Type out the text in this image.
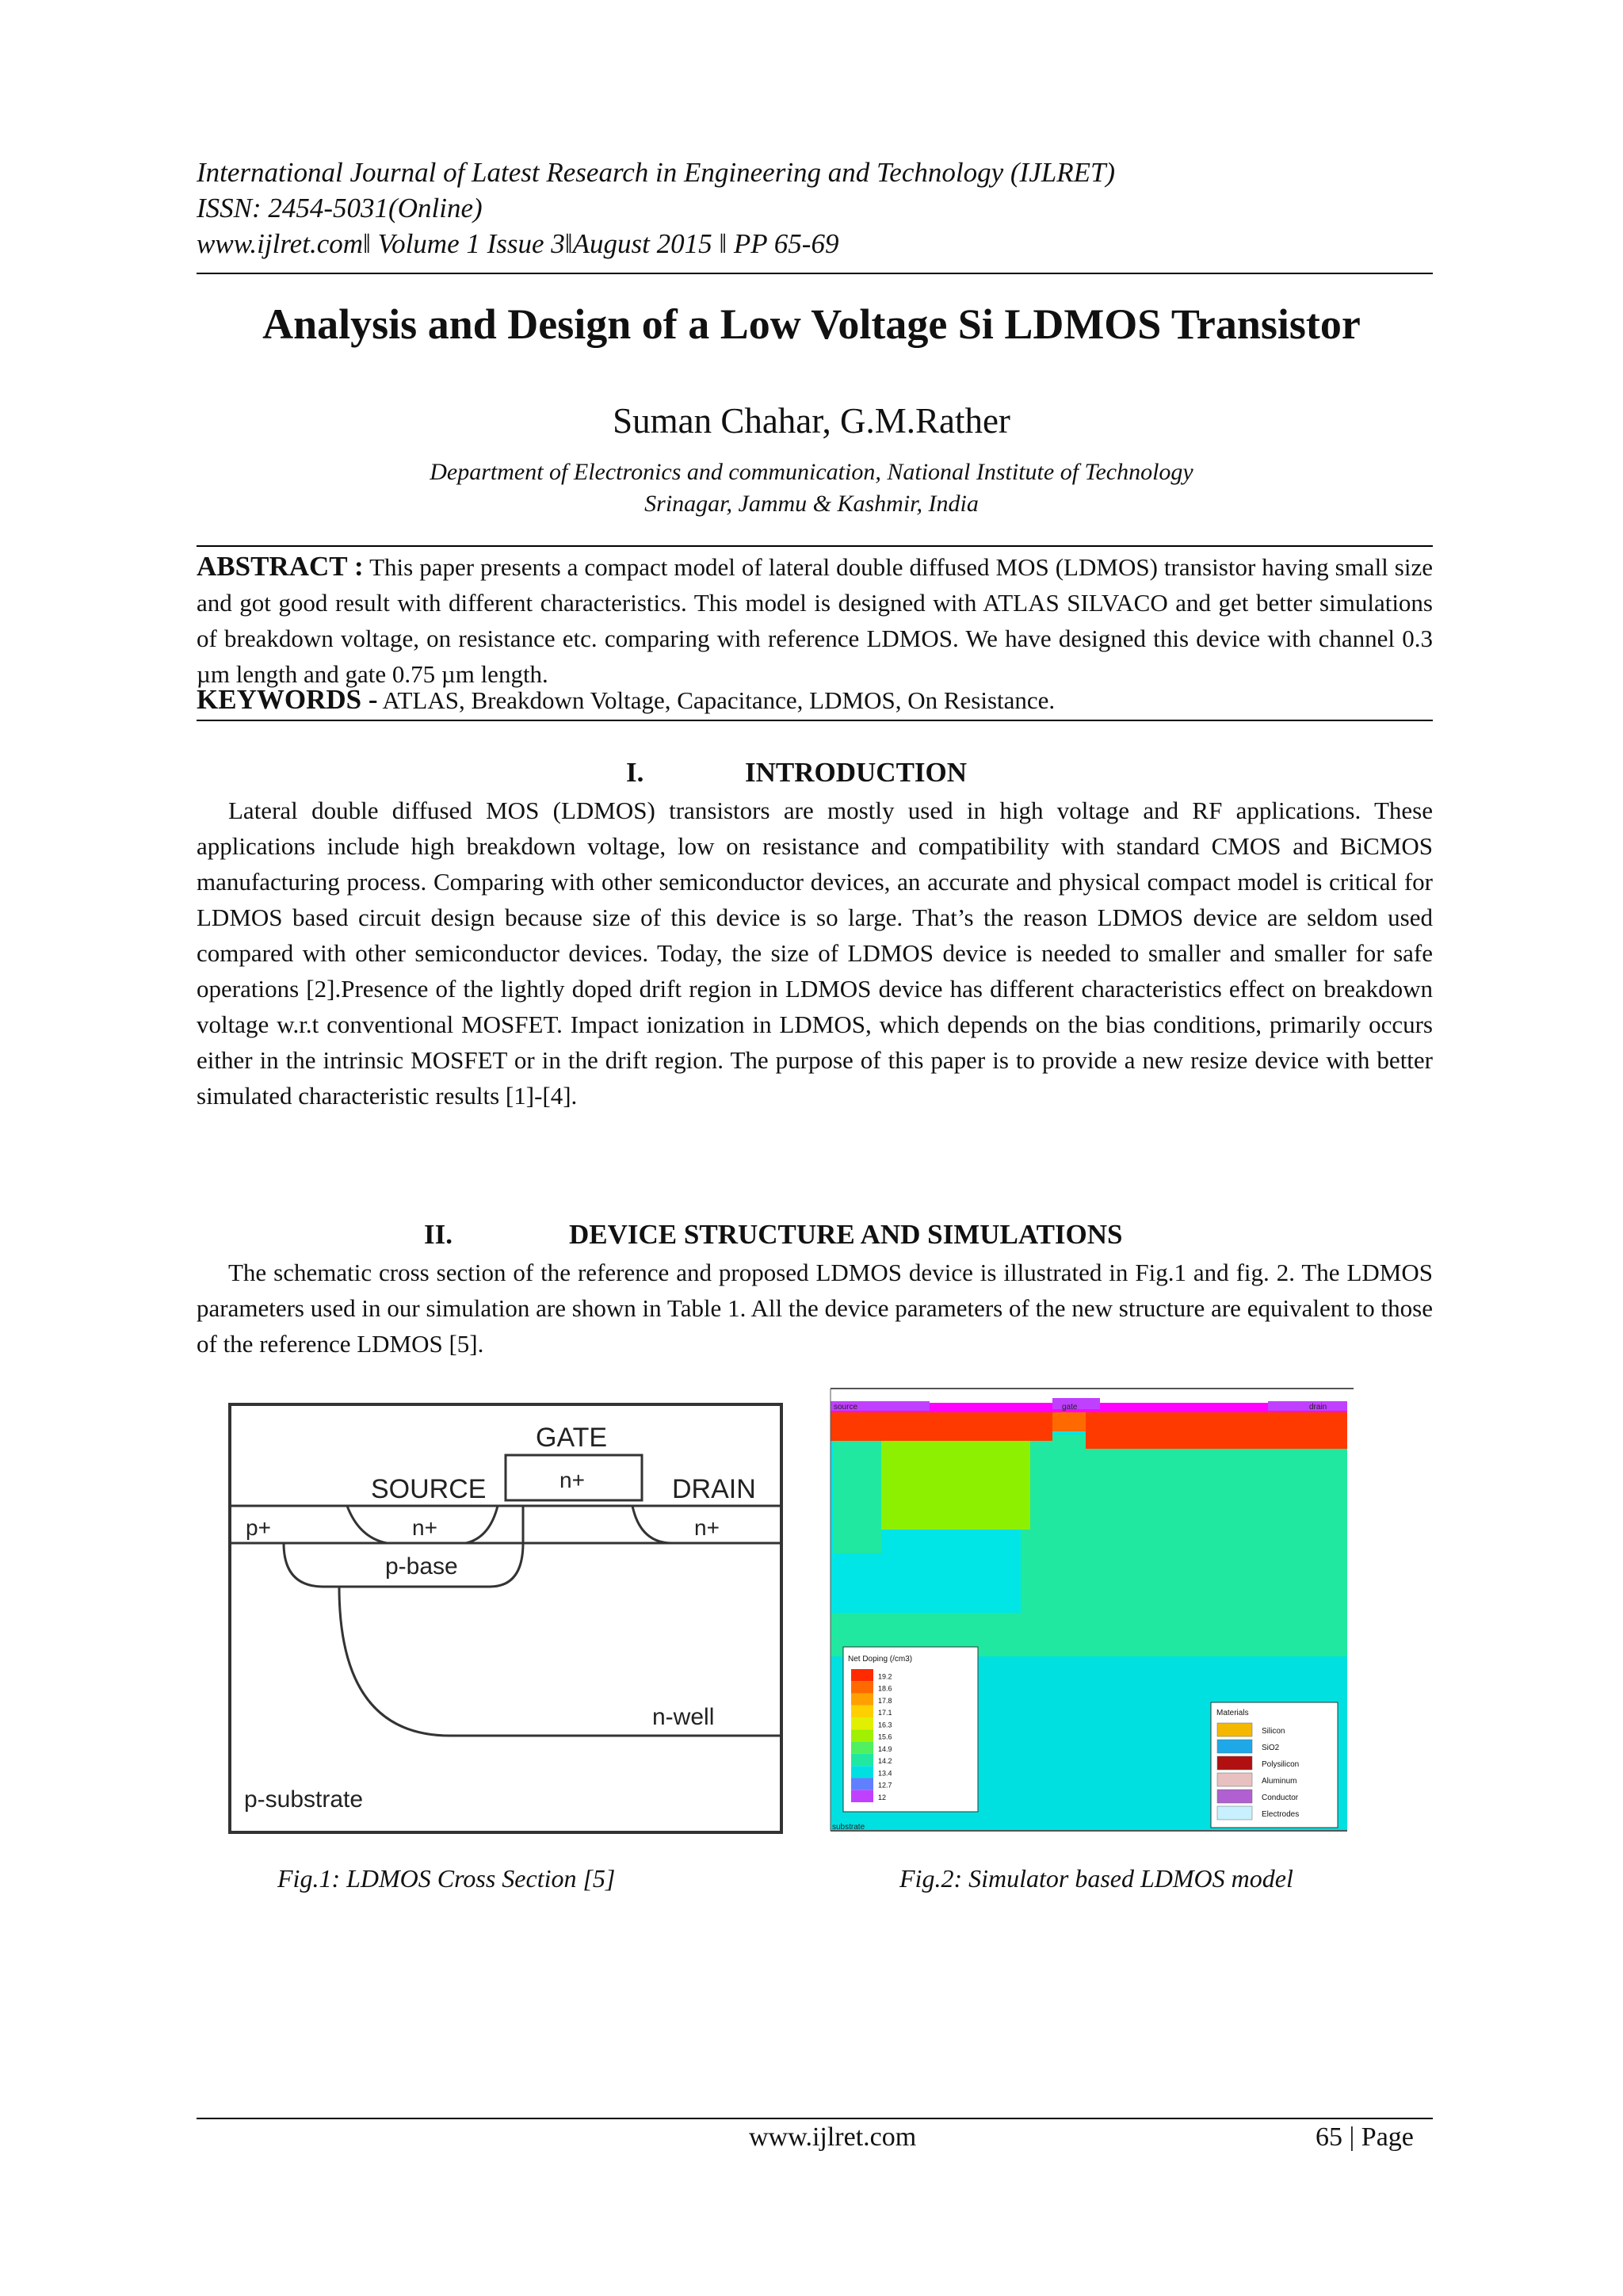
International Journal of Latest Research in Engineering and Technology (IJLRET)
ISSN: 2454-5031(Online)
www.ijlret.com‖ Volume 1 Issue 3‖August 2015 ‖ PP 65-69
Analysis and Design of a Low Voltage Si LDMOS Transistor
Suman Chahar, G.M.Rather
Department of Electronics and communication, National Institute of Technology
Srinagar, Jammu & Kashmir, India
ABSTRACT : This paper presents a compact model of lateral double diffused MOS (LDMOS) transistor having small size and got good result with different characteristics. This model is designed with ATLAS SILVACO and get better simulations of breakdown voltage, on resistance etc. comparing with reference LDMOS. We have designed this device with channel 0.3 µm length and gate 0.75 µm length.
KEYWORDS - ATLAS, Breakdown Voltage, Capacitance, LDMOS, On Resistance.
I.	INTRODUCTION
Lateral double diffused MOS (LDMOS) transistors are mostly used in high voltage and RF applications. These applications include high breakdown voltage, low on resistance and compatibility with standard CMOS and BiCMOS manufacturing process. Comparing with other semiconductor devices, an accurate and physical compact model is critical for LDMOS based circuit design because size of this device is so large. That’s the reason LDMOS device are seldom used compared with other semiconductor devices. Today, the size of LDMOS device is needed to smaller and smaller for safe operations [2].Presence of the lightly doped drift region in LDMOS device has different characteristics effect on breakdown voltage w.r.t conventional MOSFET. Impact ionization in LDMOS, which depends on the bias conditions, primarily occurs either in the intrinsic MOSFET or in the drift region. The purpose of this paper is to provide a new resize device with better simulated characteristic results [1]-[4].
II.	DEVICE STRUCTURE AND SIMULATIONS
The schematic cross section of the reference and proposed LDMOS device is illustrated in Fig.1 and fig. 2. The LDMOS parameters used in our simulation are shown in Table 1. All the device parameters of the new structure are equivalent to those of the reference LDMOS [5].
GATE
n+
SOURCE	DRAIN
p+	n+	n+
p-base
n-well
p-substrate
Fig.1: LDMOS Cross Section [5]
source	gate	drain
substrate
Net Doping (/cm3)
19.2
18.6
17.8
17.1
16.3
15.6
14.9
14.2
13.4
12.7
12
Materials
Silicon
SiO2
Polysilicon
Aluminum
Conductor
Electrodes
Fig.2: Simulator based LDMOS model
www.ijlret.com	65 | Page
